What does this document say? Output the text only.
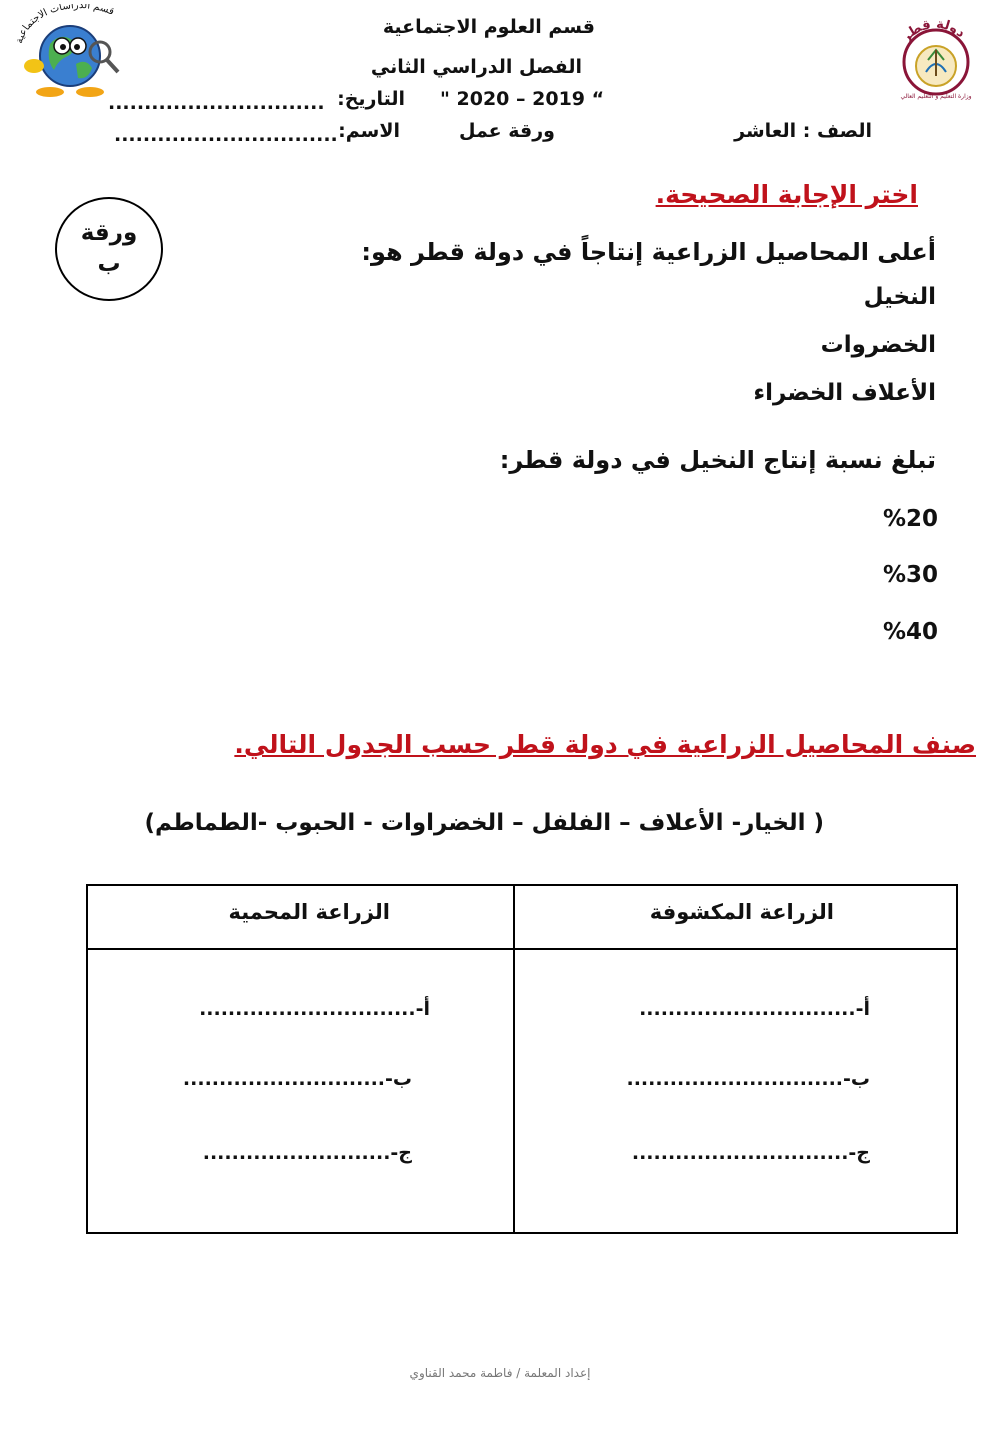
قسم الدراسات الاجتماعية
دولة قطر
وزارة التعليم و التعليم العالي
قسم العلوم الاجتماعية
الفصل الدراسي الثاني
" 2020 – 2019 “
التاريخ:
..............................
الصف : العاشر
ورقة عمل
الاسم:
...............................
ورقة
ب
اختر الإجابة الصحيحة.
أعلى المحاصيل الزراعية إنتاجاً في دولة قطر هو:
النخيل
الخضروات
الأعلاف الخضراء
تبلغ نسبة إنتاج النخيل في دولة قطر:
%20
%30
%40
صنف المحاصيل الزراعية في دولة قطر حسب الجدول التالي.
( الخيار- الأعلاف – الفلفل – الخضراوات - الحبوب -الطماطم)
الزراعة المكشوفة
الزراعة المحمية
أ-..............................
ب-..............................
ج-..............................
أ-..............................
ب-............................
ج-..........................
إعداد المعلمة / فاطمة محمد القناوي
